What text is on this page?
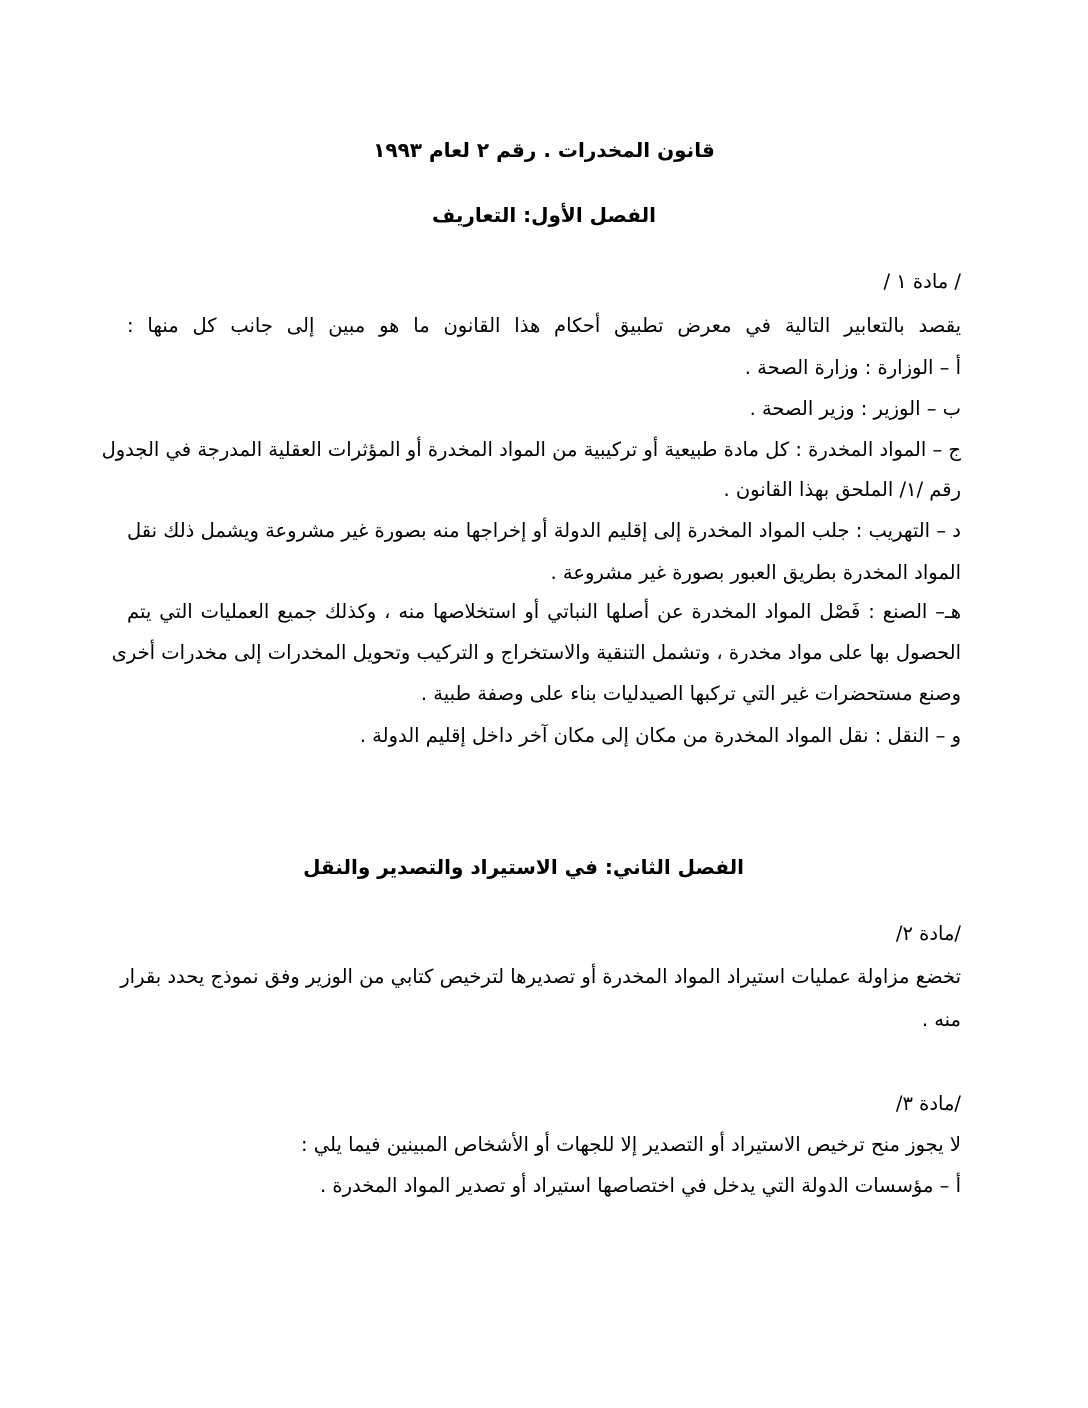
قانون المخدرات . رقم ٢ لعام ١٩٩٣
الفصل الأول: التعاريف
/ مادة ١ /
يقصد بالتعابير التالية في معرض تطبيق أحكام هذا القانون ما هو مبين إلى جانب كل منها :
أ – الوزارة : وزارة الصحة .
ب – الوزير : وزير الصحة .
ج – المواد المخدرة : كل مادة طبيعية أو تركيبية من المواد المخدرة أو المؤثرات العقلية المدرجة في الجدول
رقم /١/ الملحق بهذا القانون .
د – التهريب : جلب المواد المخدرة إلى إقليم الدولة أو إخراجها منه بصورة غير مشروعة ويشمل ذلك نقل
المواد المخدرة بطريق العبور بصورة غير مشروعة .
هـ– الصنع : فَصْل المواد المخدرة عن أصلها النباتي أو استخلاصها منه ، وكذلك جميع العمليات التي يتم
الحصول بها على مواد مخدرة ، وتشمل التنقية والاستخراج و التركيب وتحويل المخدرات إلى مخدرات أخرى
وصنع مستحضرات غير التي تركبها الصيدليات بناء على وصفة طبية .
و – النقل : نقل المواد المخدرة من مكان إلى مكان آخر داخل إقليم الدولة .
الفصل الثاني: في الاستيراد والتصدير والنقل
/مادة ٢/
تخضع مزاولة عمليات استيراد المواد المخدرة أو تصديرها لترخيص كتابي من الوزير وفق نموذج يحدد بقرار
منه .
/مادة ٣/
لا يجوز منح ترخيص الاستيراد أو التصدير إلا للجهات أو الأشخاص المبينين فيما يلي :
أ – مؤسسات الدولة التي يدخل في اختصاصها استيراد أو تصدير المواد المخدرة .
